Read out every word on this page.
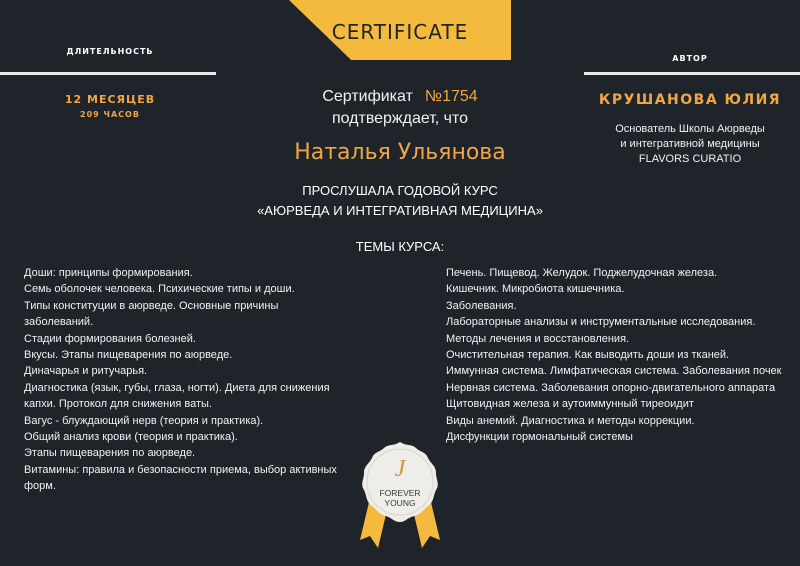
CERTIFICATE
ДЛИТЕЛЬНОСТЬ
12 МЕСЯЦЕВ
209 ЧАСОВ
АВТОР
КРУШАНОВА ЮЛИЯ
Основатель Школы Аюрведы
и интегративной медицины
FLAVORS CURATIO
Сертификат №1754
подтверждает, что
Наталья Ульянова
ПРОСЛУШАЛА ГОДОВОЙ КУРС
«АЮРВЕДА И ИНТЕГРАТИВНАЯ МЕДИЦИНА»
ТЕМЫ КУРСА:
Доши: принципы формирования.
Семь оболочек человека. Психические типы и доши.
Типы конституции в аюрведе. Основные причины заболеваний.
Стадии формирования болезней.
Вкусы. Этапы пищеварения по аюрведе.
Диначарья и ритучарья.
Диагностика (язык, губы, глаза, ногти). Диета для снижения капхи. Протокол для снижения ваты.
Вагус - блуждающий нерв (теория и практика).
Общий анализ крови (теория и практика).
Этапы пищеварения по аюрведе.
Витамины: правила и безопасности приема, выбор активных форм.
Печень. Пищевод. Желудок. Поджелудочная железа.
Кишечник. Микробиота кишечника.
Заболевания.
Лабораторные анализы и инструментальные исследования.
Методы лечения и восстановления.
Очистительная терапия. Как выводить доши из тканей.
Иммунная система. Лимфатическая система. Заболевания почек
Нервная система. Заболевания опорно-двигательного аппарата
Щитовидная железа и аутоиммунный тиреоидит
Виды анемий. Диагностика и методы коррекции.
Дисфункции гормональный системы
J
FOREVER
YOUNG
